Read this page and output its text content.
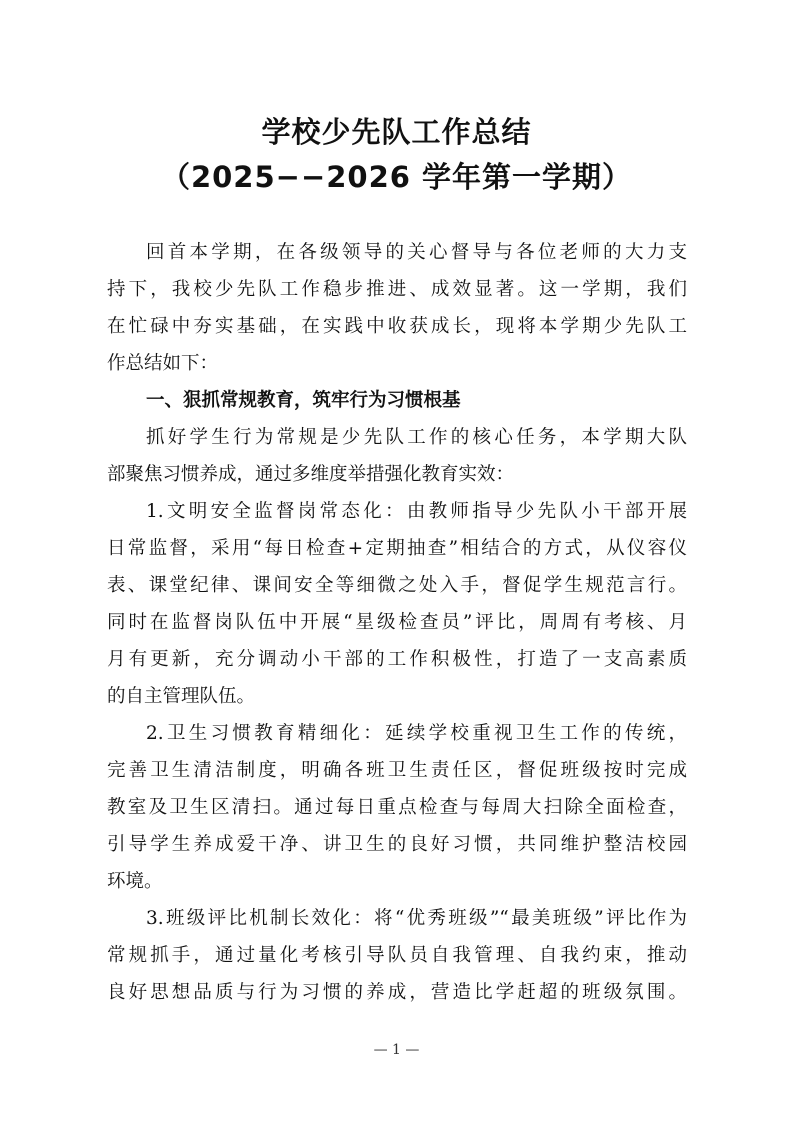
学校少先队工作总结
（2025−−2026 学年第一学期）
回首本学期，在各级领导的关心督导与各位老师的大力支
持下，我校少先队工作稳步推进、成效显著。这一学期，我们
在忙碌中夯实基础，在实践中收获成长，现将本学期少先队工
作总结如下：
一、狠抓常规教育，筑牢行为习惯根基
抓好学生行为常规是少先队工作的核心任务，本学期大队
部聚焦习惯养成，通过多维度举措强化教育实效：
1.文明安全监督岗常态化：由教师指导少先队小干部开展
日常监督，采用“每日检查+定期抽查”相结合的方式，从仪容仪
表、课堂纪律、课间安全等细微之处入手，督促学生规范言行。
同时在监督岗队伍中开展“星级检查员”评比，周周有考核、月
月有更新，充分调动小干部的工作积极性，打造了一支高素质
的自主管理队伍。
2.卫生习惯教育精细化：延续学校重视卫生工作的传统，
完善卫生清洁制度，明确各班卫生责任区，督促班级按时完成
教室及卫生区清扫。通过每日重点检查与每周大扫除全面检查，
引导学生养成爱干净、讲卫生的良好习惯，共同维护整洁校园
环境。
3.班级评比机制长效化：将“优秀班级”“最美班级”评比作为
常规抓手，通过量化考核引导队员自我管理、自我约束，推动
良好思想品质与行为习惯的养成，营造比学赶超的班级氛围。
— 1 —
